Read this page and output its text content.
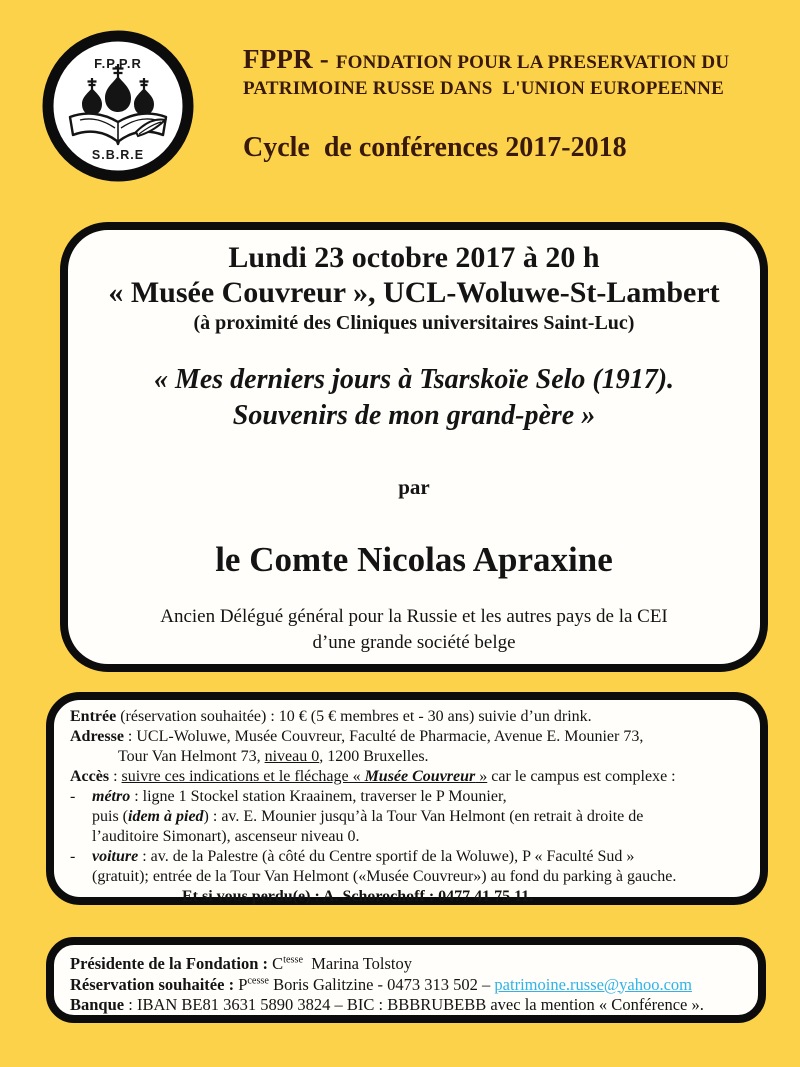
F.P.P.R
S.B.R.E
FPPR - FONDATION POUR LA PRESERVATION DU
PATRIMOINE RUSSE DANS  L'UNION EUROPEENNE
Cycle  de conférences 2017-2018
Lundi 23 octobre 2017 à 20 h
« Musée Couvreur », UCL-Woluwe-St-Lambert
(à proximité des Cliniques universitaires Saint-Luc)
« Mes derniers jours à Tsarskoïe Selo (1917).
Souvenirs de mon grand-père »
par
le Comte Nicolas Apraxine
Ancien Délégué général pour la Russie et les autres pays de la CEI
d’une grande société belge
Entrée (réservation souhaitée) : 10 € (5 € membres et - 30 ans) suivie d’un drink.
Adresse : UCL-Woluwe, Musée Couvreur, Faculté de Pharmacie, Avenue E. Mounier 73,
Tour Van Helmont 73, niveau 0, 1200 Bruxelles.
Accès : suivre ces indications et le fléchage « Musée Couvreur » car le campus est complexe :
- métro : ligne 1 Stockel station Kraainem, traverser le P Mounier,
puis (idem à pied) : av. E. Mounier jusqu’à la Tour Van Helmont (en retrait à droite de
l’auditoire Simonart), ascenseur niveau 0.
- voiture : av. de la Palestre (à côté du Centre sportif de la Woluwe), P « Faculté Sud »
(gratuit); entrée de la Tour Van Helmont («Musée Couvreur») au fond du parking à gauche.
Et si vous perdu(e) : A. Schorochoff : 0477 41 75 11.
Présidente de la Fondation : $C^{tesse}$  Marina Tolstoy
Réservation souhaitée : $P^{cesse}$ Boris Galitzine - 0473 313 502 – patrimoine.russe@yahoo.com
Banque : IBAN BE81 3631 5890 3824 – BIC : BBBRUBEBB avec la mention « Conférence ».
